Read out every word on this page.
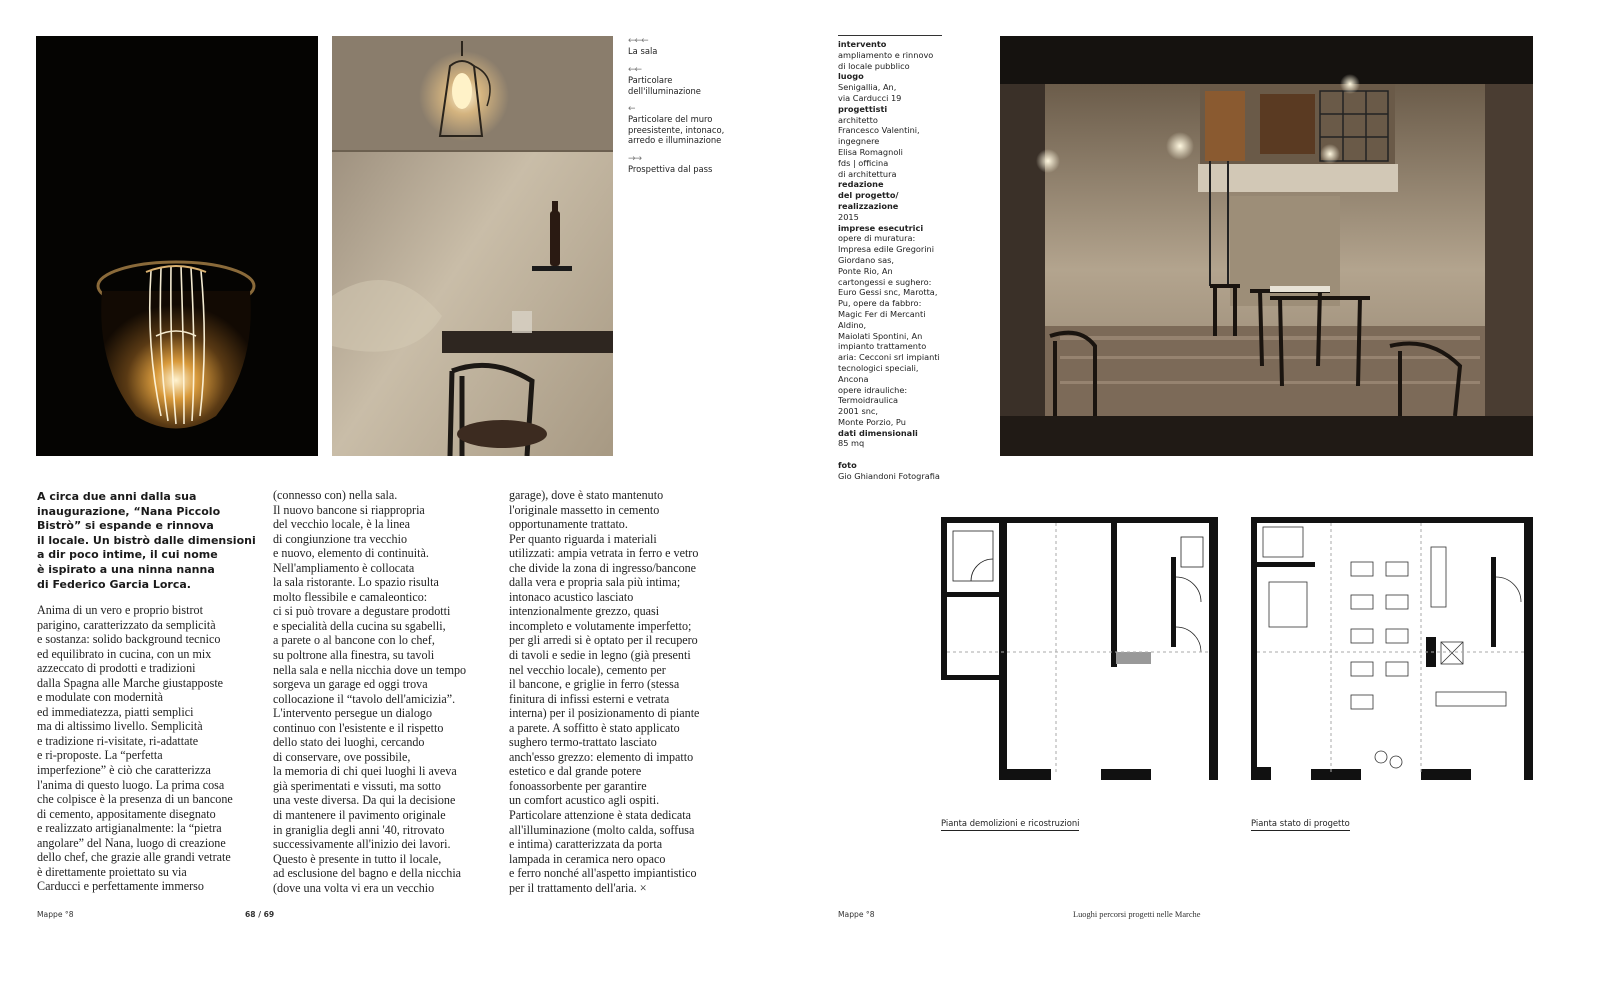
←←←
La sala
←←
Particolare
dell'illuminazione
←
Particolare del muro
preesistente, intonaco,
arredo e illuminazione
→→
Prospettiva dal pass
A circa due anni dalla sua
inaugurazione, “Nana Piccolo
Bistrò” si espande e rinnova
il locale. Un bistrò dalle dimensioni
a dir poco intime, il cui nome
è ispirato a una ninna nanna
di Federico Garcia Lorca.
Anima di un vero e proprio bistrot
parigino, caratterizzato da semplicità
e sostanza: solido background tecnico
ed equilibrato in cucina, con un mix
azzeccato di prodotti e tradizioni
dalla Spagna alle Marche giustapposte
e modulate con modernità
ed immediatezza, piatti semplici
ma di altissimo livello. Semplicità
e tradizione ri-visitate, ri-adattate
e ri-proposte. La “perfetta
imperfezione” è ciò che caratterizza
l'anima di questo luogo. La prima cosa
che colpisce è la presenza di un bancone
di cemento, appositamente disegnato
e realizzato artigianalmente: la “pietra
angolare” del Nana, luogo di creazione
dello chef, che grazie alle grandi vetrate
è direttamente proiettato su via
Carducci e perfettamente immerso
(connesso con) nella sala.
Il nuovo bancone si riappropria
del vecchio locale, è la linea
di congiunzione tra vecchio
e nuovo, elemento di continuità.
Nell'ampliamento è collocata
la sala ristorante. Lo spazio risulta
molto flessibile e camaleontico:
ci si può trovare a degustare prodotti
e specialità della cucina su sgabelli,
a parete o al bancone con lo chef,
su poltrone alla finestra, su tavoli
nella sala e nella nicchia dove un tempo
sorgeva un garage ed oggi trova
collocazione il “tavolo dell'amicizia”.
L'intervento persegue un dialogo
continuo con l'esistente e il rispetto
dello stato dei luoghi, cercando
di conservare, ove possibile,
la memoria di chi quei luoghi li aveva
già sperimentati e vissuti, ma sotto
una veste diversa. Da qui la decisione
di mantenere il pavimento originale
in graniglia degli anni '40, ritrovato
successivamente all'inizio dei lavori.
Questo è presente in tutto il locale,
ad esclusione del bagno e della nicchia
(dove una volta vi era un vecchio
garage), dove è stato mantenuto
l'originale massetto in cemento
opportunamente trattato.
Per quanto riguarda i materiali
utilizzati: ampia vetrata in ferro e vetro
che divide la zona di ingresso/bancone
dalla vera e propria sala più intima;
intonaco acustico lasciato
intenzionalmente grezzo, quasi
incompleto e volutamente imperfetto;
per gli arredi si è optato per il recupero
di tavoli e sedie in legno (già presenti
nel vecchio locale), cemento per
il bancone, e griglie in ferro (stessa
finitura di infissi esterni e vetrata
interna) per il posizionamento di piante
a parete. A soffitto è stato applicato
sughero termo-trattato lasciato
anch'esso grezzo: elemento di impatto
estetico e dal grande potere
fonoassorbente per garantire
un comfort acustico agli ospiti.
Particolare attenzione è stata dedicata
all'illuminazione (molto calda, soffusa
e intima) caratterizzata da porta
lampada in ceramica nero opaco
e ferro nonché all'aspetto impiantistico
per il trattamento dell'aria. ×
Mappe °8	68 / 69
intervento
ampliamento e rinnovo
di locale pubblico
luogo
Senigallia, An,
via Carducci 19
progettisti
architetto
Francesco Valentini,
ingegnere
Elisa Romagnoli
fds | officina
di architettura
redazione
del progetto/
realizzazione
2015
imprese esecutrici
opere di muratura:
Impresa edile Gregorini
Giordano sas,
Ponte Rio, An
cartongessi e sughero:
Euro Gessi snc, Marotta,
Pu, opere da fabbro:
Magic Fer di Mercanti
Aldino,
Maiolati Spontini, An
impianto trattamento
aria: Cecconi srl impianti
tecnologici speciali,
Ancona
opere idrauliche:
Termoidraulica
2001 snc,
Monte Porzio, Pu
dati dimensionali
85 mq
foto
Gio Ghiandoni Fotografia
Pianta demolizioni e ricostruzioni	Pianta stato di progetto
Mappe °8	Luoghi percorsi progetti nelle Marche
